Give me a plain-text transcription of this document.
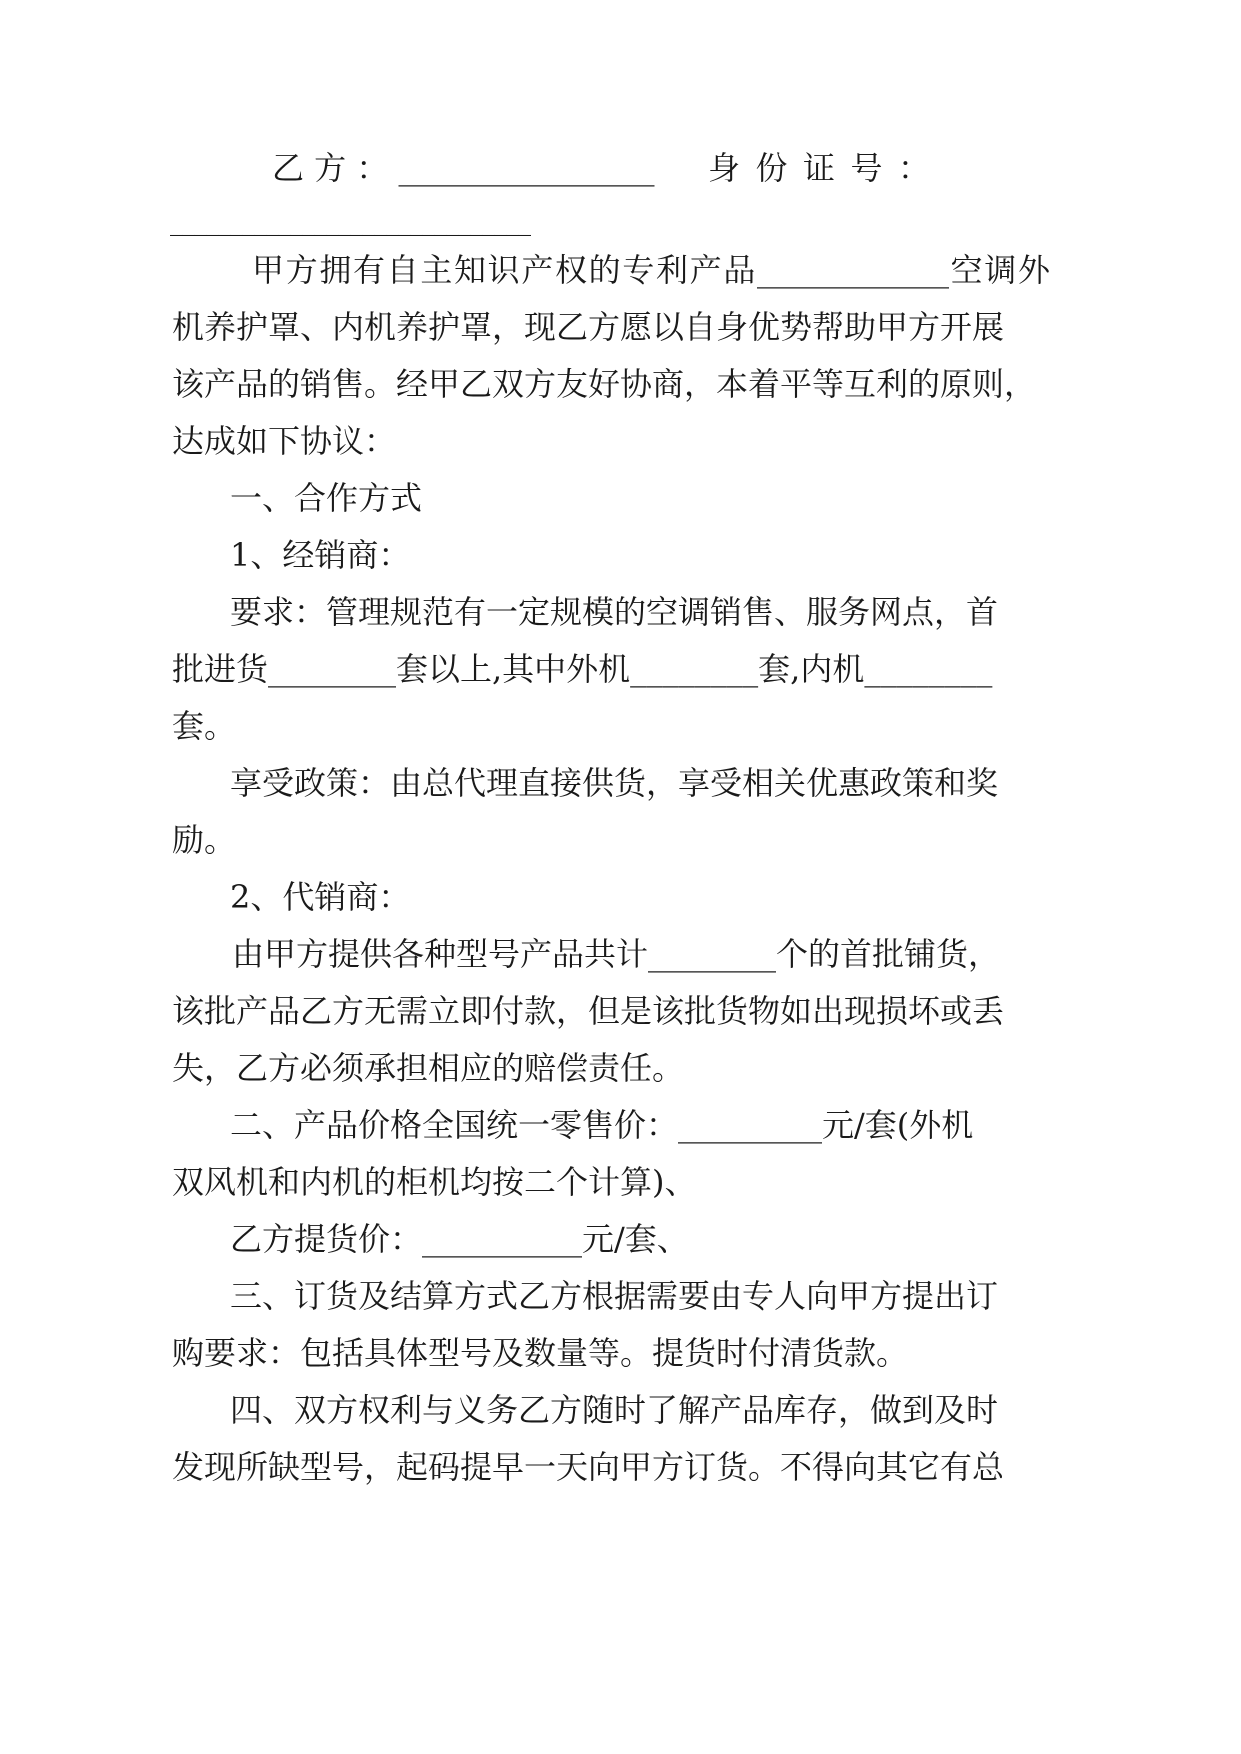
乙 方 ： ________________	身 份 证 号 ：
______________________________
甲方拥有自主知识产权的专利产品____________空调外
机养护罩、内机养护罩，现乙方愿以自身优势帮助甲方开展
该产品的销售。经甲乙双方友好协商，本着平等互利的原则，
达成如下协议：
一、合作方式
1、经销商：
要求：管理规范有一定规模的空调销售、服务网点，首
批进货________套以上,其中外机________套,内机________
套。
享受政策：由总代理直接供货，享受相关优惠政策和奖
励。
2、代销商：
由甲方提供各种型号产品共计________个的首批铺货，
该批产品乙方无需立即付款，但是该批货物如出现损坏或丢
失，乙方必须承担相应的赔偿责任。
二、产品价格全国统一零售价：_________元/套(外机
双风机和内机的柜机均按二个计算)、
乙方提货价：__________元/套、
三、订货及结算方式乙方根据需要由专人向甲方提出订
购要求：包括具体型号及数量等。提货时付清货款。
四、双方权利与义务乙方随时了解产品库存，做到及时
发现所缺型号，起码提早一天向甲方订货。不得向其它有总
